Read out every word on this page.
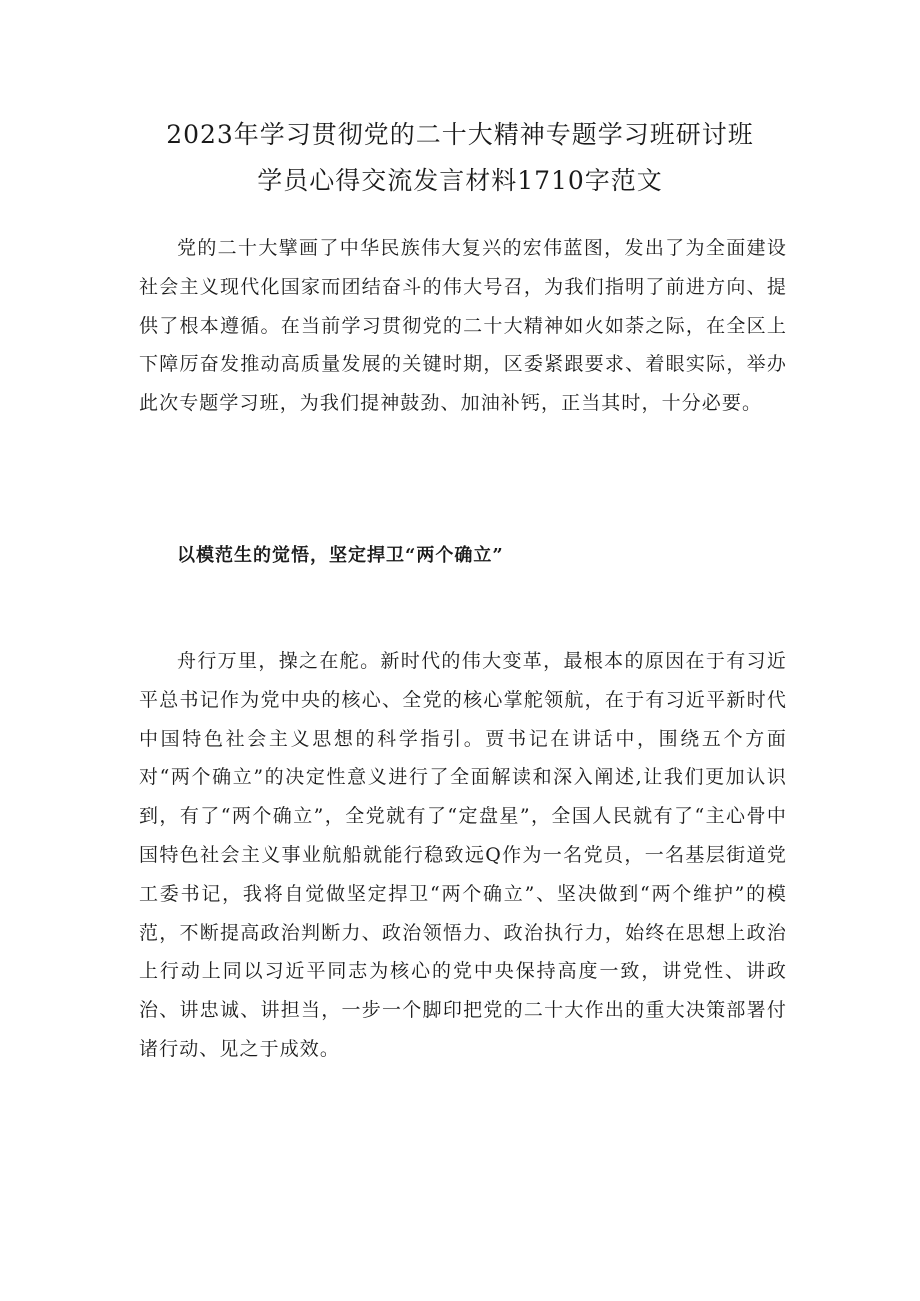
2023年学习贯彻党的二十大精神专题学习班研讨班
学员心得交流发言材料1710字范文

党的二十大擘画了中华民族伟大复兴的宏伟蓝图，发出了为全面建设社会主义现代化国家而团结奋斗的伟大号召，为我们指明了前进方向、提供了根本遵循。在当前学习贯彻党的二十大精神如火如荼之际，在全区上下障厉奋发推动高质量发展的关键时期，区委紧跟要求、着眼实际，举办此次专题学习班，为我们提神鼓劲、加油补钙，正当其时，十分必要。

以模范生的觉悟，坚定捍卫“两个确立”

舟行万里，操之在舵。新时代的伟大变革，最根本的原因在于有习近平总书记作为党中央的核心、全党的核心掌舵领航，在于有习近平新时代中国特色社会主义思想的科学指引。贾书记在讲话中，围绕五个方面对“两个确立”的决定性意义进行了全面解读和深入阐述,让我们更加认识到，有了“两个确立”，全党就有了“定盘星”，全国人民就有了“主心骨中国特色社会主义事业航船就能行稳致远Q作为一名党员，一名基层街道党工委书记，我将自觉做坚定捍卫“两个确立”、坚决做到“两个维护”的模范，不断提高政治判断力、政治领悟力、政治执行力，始终在思想上政治上行动上同以习近平同志为核心的党中央保持高度一致，讲党性、讲政治、讲忠诚、讲担当，一步一个脚印把党的二十大作出的重大决策部署付诸行动、见之于成效。
